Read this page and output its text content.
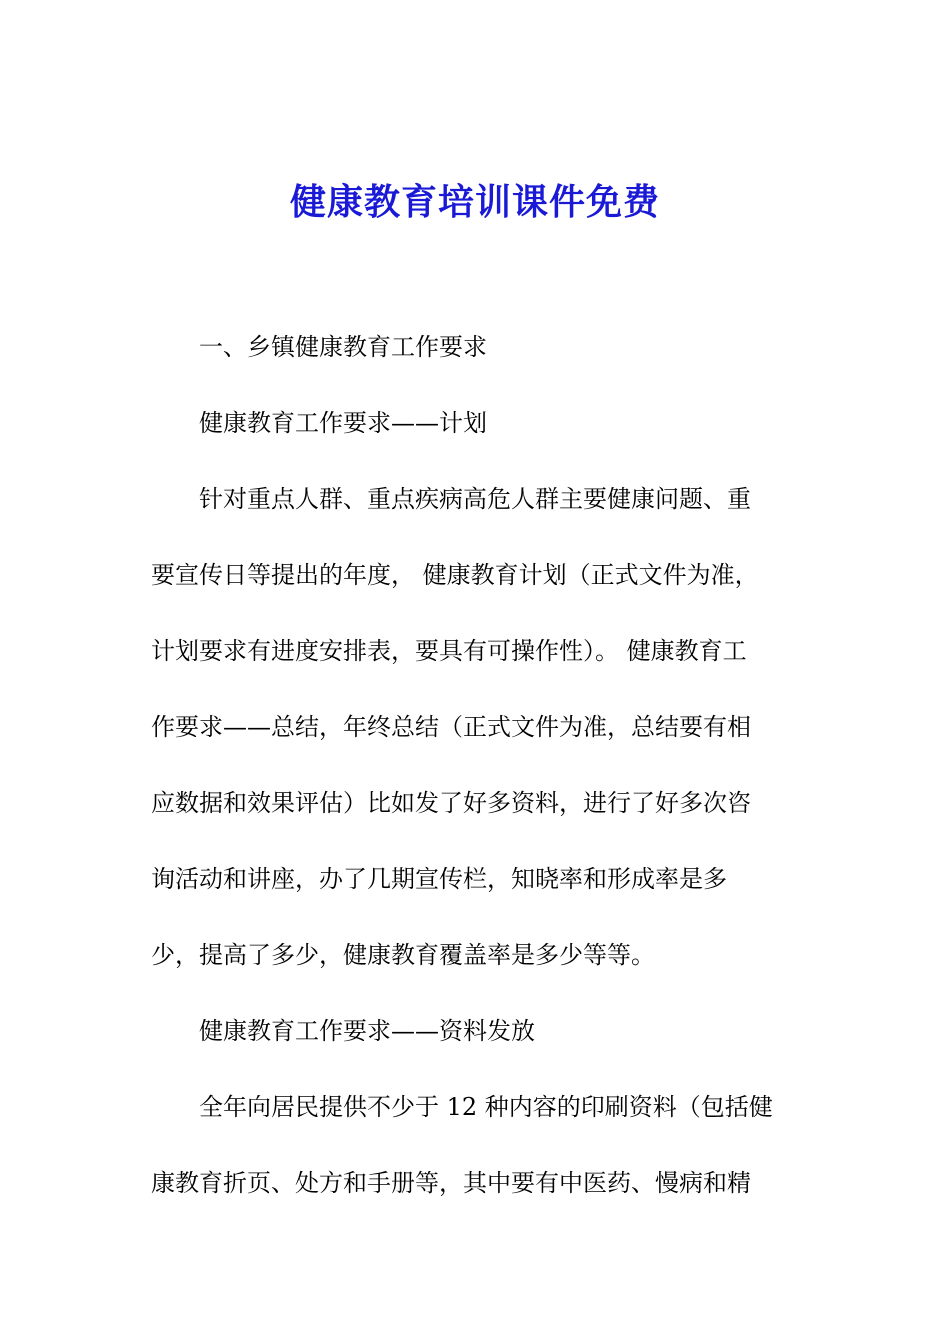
健康教育培训课件免费

一、乡镇健康教育工作要求

健康教育工作要求——计划

针对重点人群、重点疾病高危人群主要健康问题、重
要宣传日等提出的年度， 健康教育计划（正式文件为准，
计划要求有进度安排表，要具有可操作性）。 健康教育工
作要求——总结，年终总结（正式文件为准，总结要有相
应数据和效果评估）比如发了好多资料，进行了好多次咨
询活动和讲座，办了几期宣传栏，知晓率和形成率是多
少，提高了多少，健康教育覆盖率是多少等等。

健康教育工作要求——资料发放

全年向居民提供不少于 12 种内容的印刷资料（包括健
康教育折页、处方和手册等，其中要有中医药、慢病和精
